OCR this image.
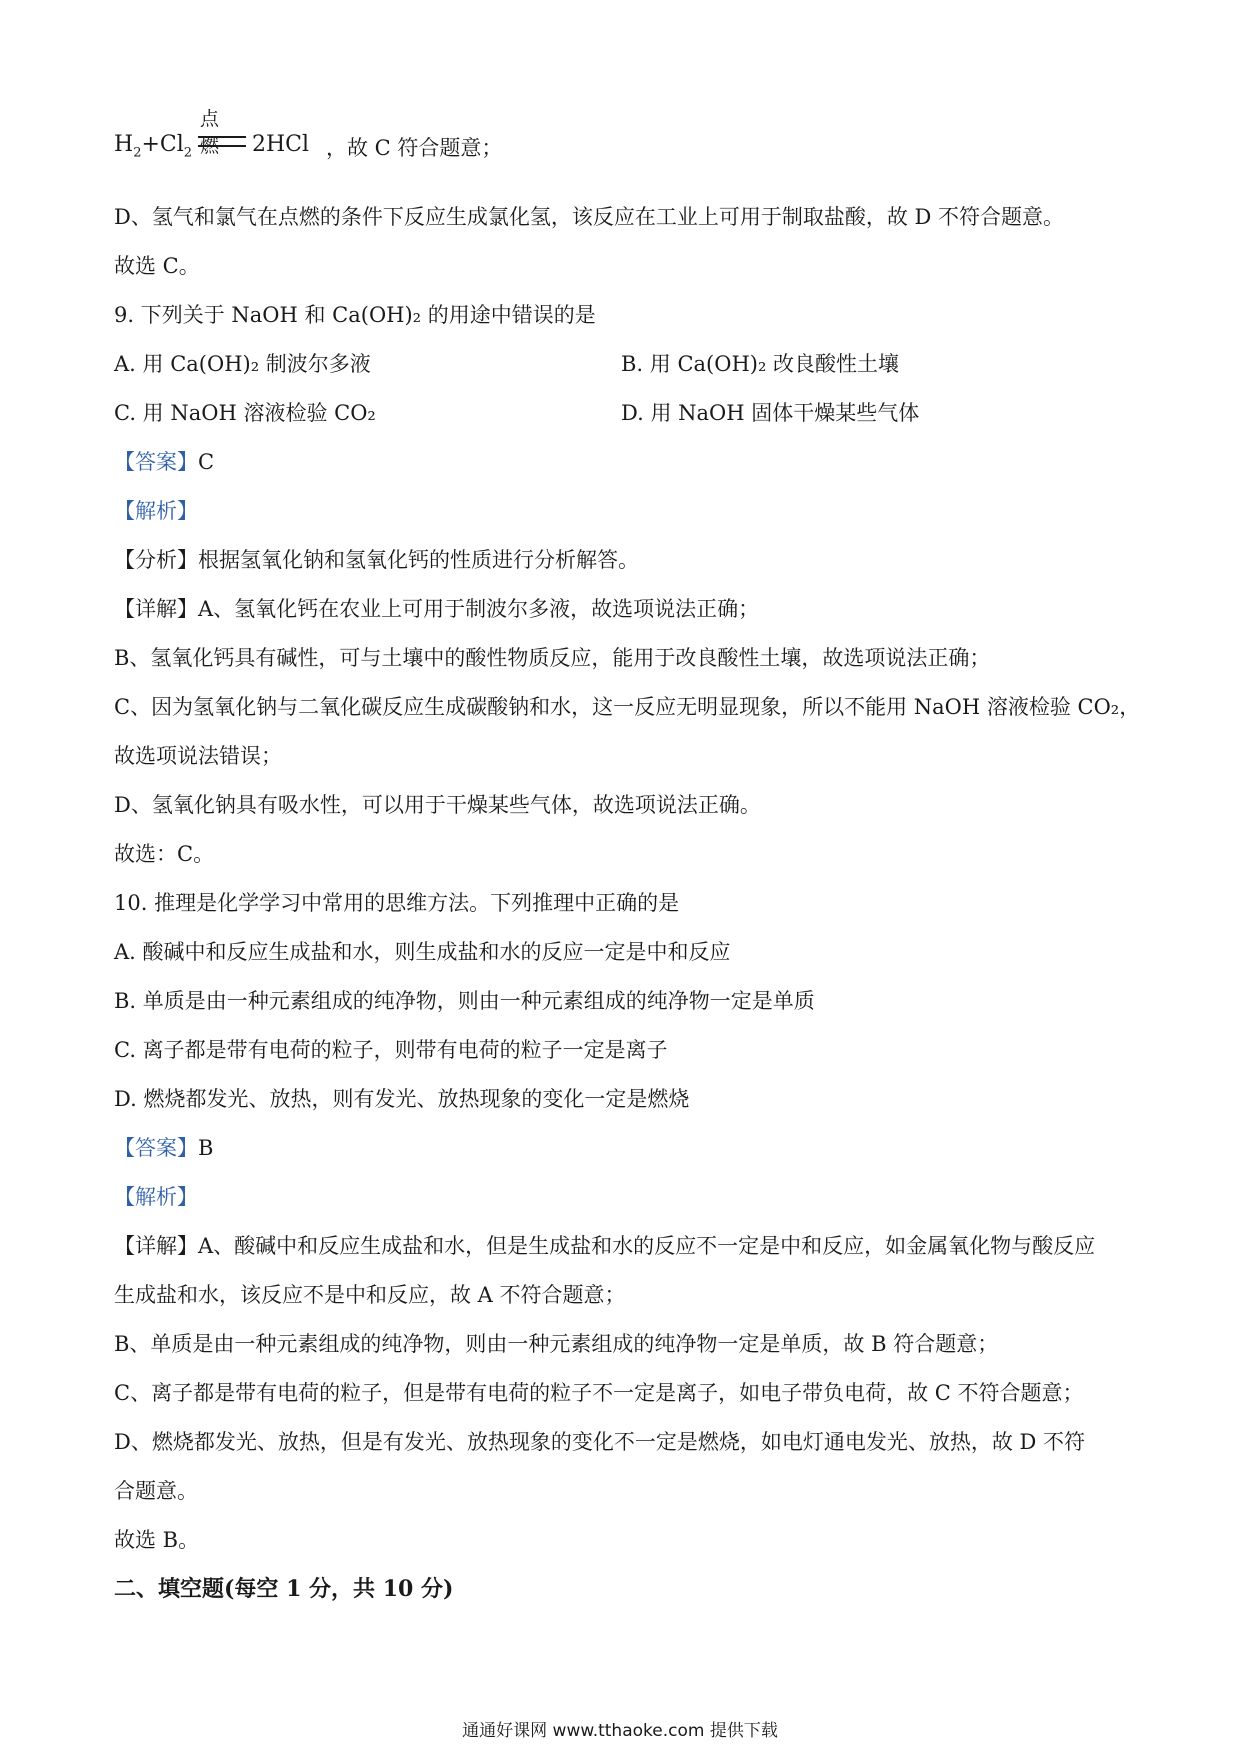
点燃
$H_2+Cl_2$	2HCl ，故 C 符合题意；
D、氢气和氯气在点燃的条件下反应生成氯化氢，该反应在工业上可用于制取盐酸，故 D 不符合题意。
故选 C。
9. 下列关于 NaOH 和 Ca(OH)₂ 的用途中错误的是
A. 用 Ca(OH)₂ 制波尔多液	B. 用 Ca(OH)₂ 改良酸性土壤
C. 用 NaOH 溶液检验 CO₂	D. 用 NaOH 固体干燥某些气体
【答案】C
【解析】
【分析】根据氢氧化钠和氢氧化钙的性质进行分析解答。
【详解】A、氢氧化钙在农业上可用于制波尔多液，故选项说法正确；
B、氢氧化钙具有碱性，可与土壤中的酸性物质反应，能用于改良酸性土壤，故选项说法正确；
C、因为氢氧化钠与二氧化碳反应生成碳酸钠和水，这一反应无明显现象，所以不能用 NaOH 溶液检验 CO₂，
故选项说法错误；
D、氢氧化钠具有吸水性，可以用于干燥某些气体，故选项说法正确。
故选：C。
10. 推理是化学学习中常用的思维方法。下列推理中正确的是
A. 酸碱中和反应生成盐和水，则生成盐和水的反应一定是中和反应
B. 单质是由一种元素组成的纯净物，则由一种元素组成的纯净物一定是单质
C. 离子都是带有电荷的粒子，则带有电荷的粒子一定是离子
D. 燃烧都发光、放热，则有发光、放热现象的变化一定是燃烧
【答案】B
【解析】
【详解】A、酸碱中和反应生成盐和水，但是生成盐和水的反应不一定是中和反应，如金属氧化物与酸反应
生成盐和水，该反应不是中和反应，故 A 不符合题意；
B、单质是由一种元素组成的纯净物，则由一种元素组成的纯净物一定是单质，故 B 符合题意；
C、离子都是带有电荷的粒子，但是带有电荷的粒子不一定是离子，如电子带负电荷，故 C 不符合题意；
D、燃烧都发光、放热，但是有发光、放热现象的变化不一定是燃烧，如电灯通电发光、放热，故 D 不符
合题意。
故选 B。
二、填空题(每空 1 分，共 10 分)
通通好课网 www.tthaoke.com 提供下载
